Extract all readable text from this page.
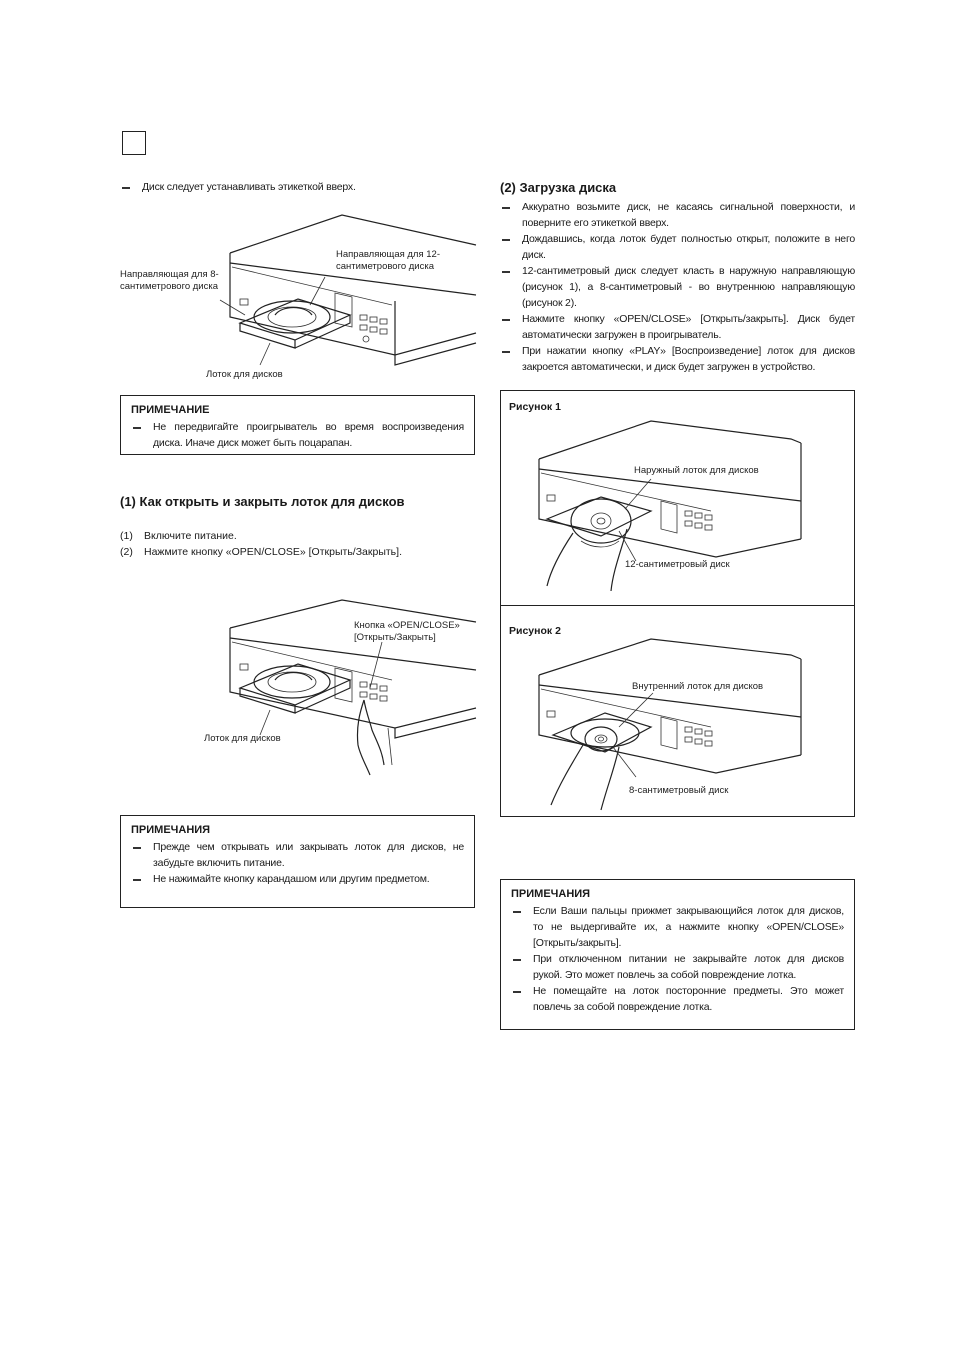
Диск следует устанавливать этикеткой вверх.
Направляющая для 12-сантиметрового диска
Направляющая для 8-сантиметрового диска
Лоток для дисков
ПРИМЕЧАНИЕ
Не передвигайте проигрыватель во время воспроизведения диска. Иначе диск может быть поцарапан.
(1) Как открыть и закрыть лоток для дисков
(1) Включите питание.
(2) Нажмите кнопку «OPEN/CLOSE» [Открыть/Закрыть].
Кнопка «OPEN/CLOSE» [Открыть/Закрыть]
Лоток для дисков
ПРИМЕЧАНИЯ
Прежде чем открывать или закрывать лоток для дисков, не забудьте включить питание.
Не нажимайте кнопку карандашом или другим предметом.
(2) Загрузка диска
Аккуратно возьмите диск, не касаясь сигнальной поверхности, и поверните его этикеткой вверх.
Дождавшись, когда лоток будет полностью открыт, положите в него диск.
12-сантиметровый диск следует класть в наружную направляющую (рисунок 1), а 8-сантиметровый - во внутреннюю направляющую (рисунок 2).
Нажмите кнопку «OPEN/CLOSE» [Открыть/закрыть]. Диск будет автоматически загружен в проигрыватель.
При нажатии кнопку «PLAY» [Воспроизведение] лоток для дисков закроется автоматически, и диск будет загружен в устройство.
Рисунок 1
Наружный лоток для дисков
12-сантиметровый диск
Рисунок 2
Внутренний лоток для дисков
8-сантиметровый диск
ПРИМЕЧАНИЯ
Если Ваши пальцы прижмет закрывающийся лоток для дисков, то не выдергивайте их, а нажмите кнопку «OPEN/CLOSE» [Открыть/закрыть].
При отключенном питании не закрывайте лоток для дисков рукой. Это может повлечь за собой повреждение лотка.
Не помещайте на лоток посторонние предметы. Это может повлечь за собой повреждение лотка.
